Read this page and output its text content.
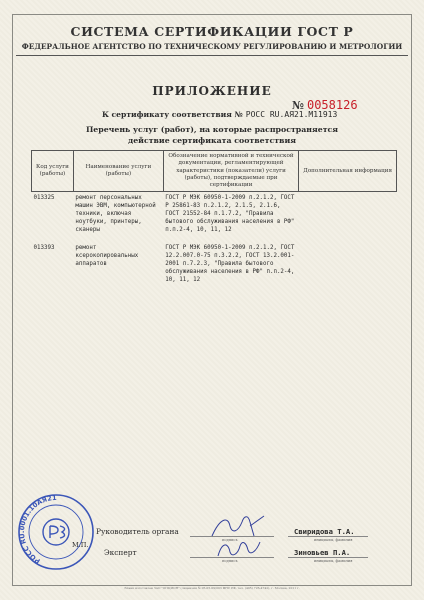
СИСТЕМА СЕРТИФИКАЦИИ ГОСТ Р
ФЕДЕРАЛЬНОЕ АГЕНТСТВО ПО ТЕХНИЧЕСКОМУ РЕГУЛИРОВАНИЮ И МЕТРОЛОГИИ
ПРИЛОЖЕНИЕ
№ 0058126
К сертификату соответствия № POCC RU.AЯ21.M11913
Перечень услуг (работ), на которые распространяется
действие сертификата соответствия
Код услуги (работы)	Наименование услуги (работы)	Обозначение нормативной и технической документации, регламентирующей характеристики (показатели) услуги (работы), подтверждаемые при сертификации	Дополнительная информация
013325	ремонт персональных машин ЭВМ, компьютерной техники, включая ноутбуки, принтеры, сканеры	ГОСТ Р МЭК 60950-1-2009 п.2.1.2, ГОСТ Р 25861-83 п.2.1.2, 2.1.5, 2.1.6, ГОСТ 21552-84 п.1.7.2, "Правила бытового обслуживания населения в РФ" п.п.2-4, 10, 11, 12	
013393	ремонт ксерокопировальных аппаратов	ГОСТ Р МЭК 60950-1-2009 п.2.1.2, ГОСТ 12.2.007.0-75 п.3.2.2, ГОСТ 13.2.001-2001 п.7.2.3, "Правила бытового обслуживания населения в РФ" п.п.2-4, 10, 11, 12	
РОСС RU.0001.10АЯ21
М.П.
Руководитель органа
подпись
Свиридова Т.А.
инициалы, фамилия
Эксперт
подпись
Зиновьев П.А.
инициалы, фамилия
Бланк изготовлен ЗАО "ОПЦИОН" (лицензия № 05-05-09/003 ФНС РФ, тел. (495) 726-4742), г. Москва, 2011 г.
